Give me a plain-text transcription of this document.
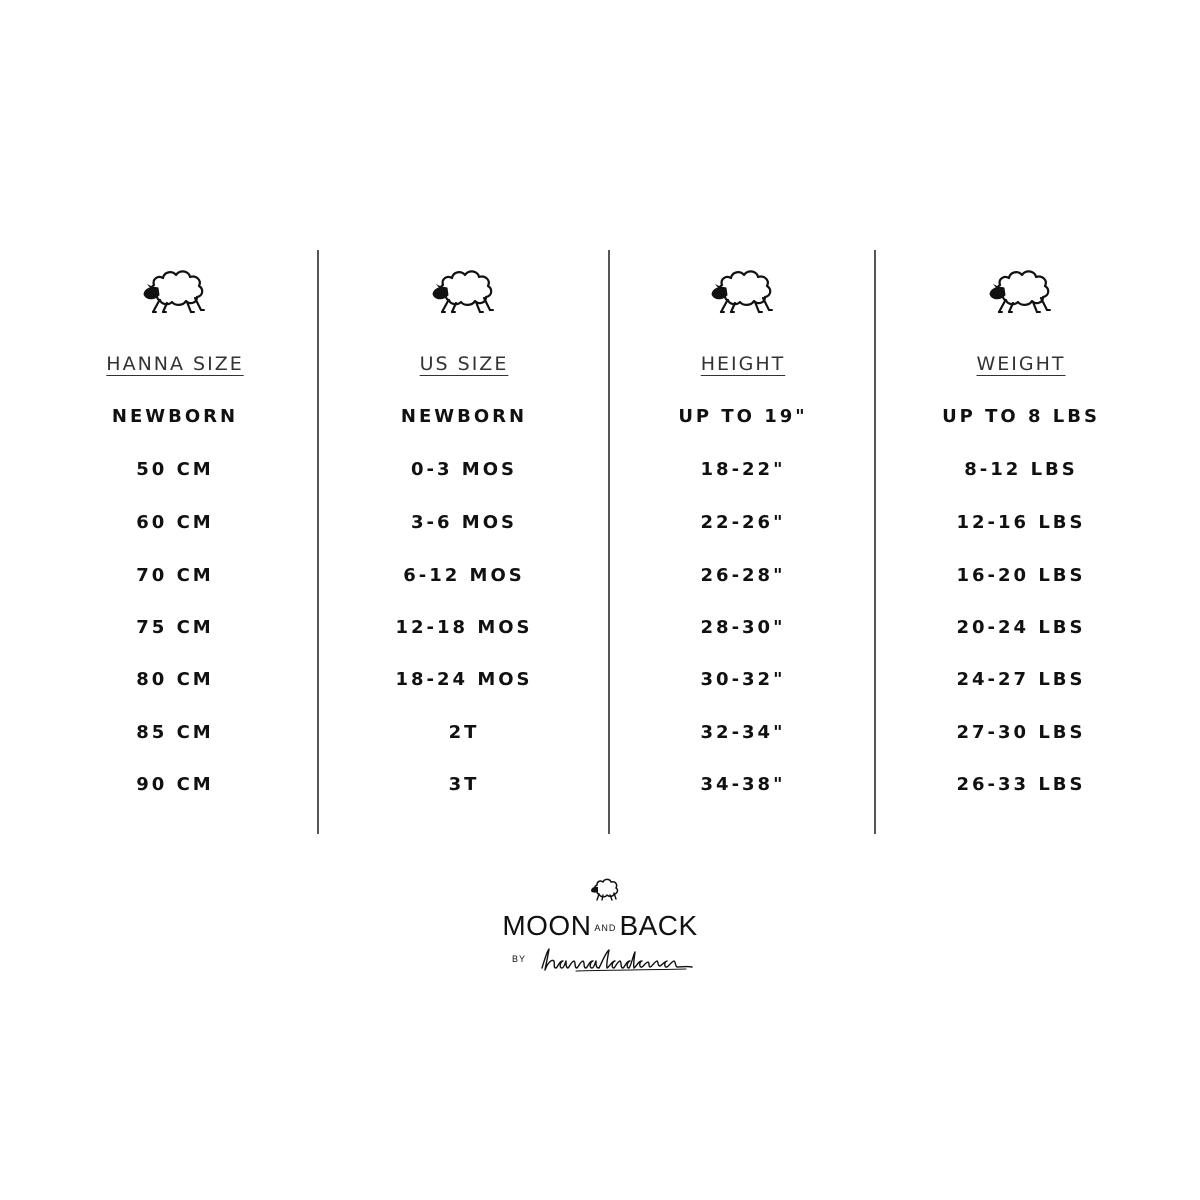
HANNA SIZE
NEWBORN
50 CM
60 CM
70 CM
75 CM
80 CM
85 CM
90 CM
US SIZE
NEWBORN
0-3 MOS
3-6 MOS
6-12 MOS
12-18 MOS
18-24 MOS
2T
3T
HEIGHT
UP TO 19"
18-22"
22-26"
26-28"
28-30"
30-32"
32-34"
34-38"
WEIGHT
UP TO 8 LBS
8-12 LBS
12-16 LBS
16-20 LBS
20-24 LBS
24-27 LBS
27-30 LBS
26-33 LBS
MOON AND BACK
BY
